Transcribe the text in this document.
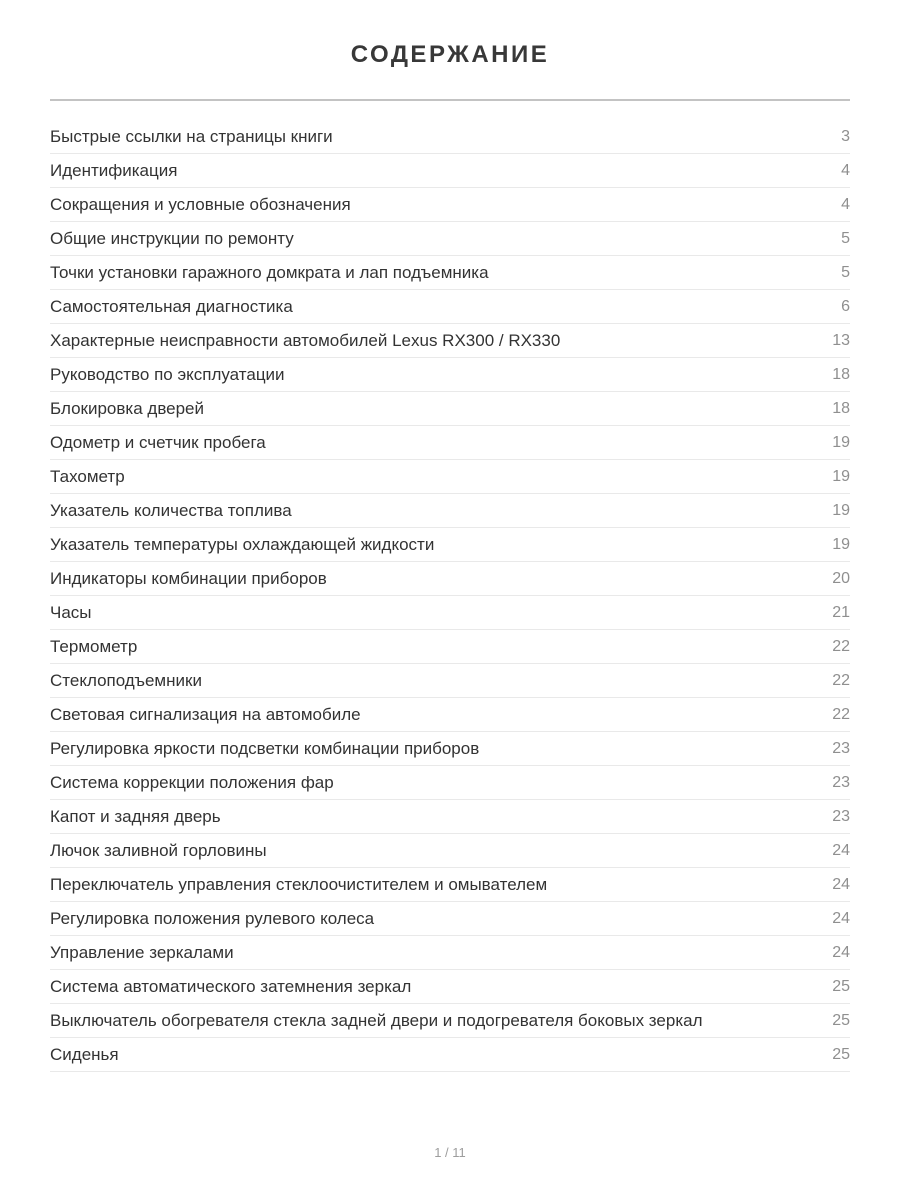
СОДЕРЖАНИЕ
Быстрые ссылки на страницы книги	3
Идентификация	4
Сокращения и условные обозначения	4
Общие инструкции по ремонту	5
Точки установки гаражного домкрата и лап подъемника	5
Самостоятельная диагностика	6
Характерные неисправности автомобилей Lexus RX300 / RX330	13
Руководство по эксплуатации	18
Блокировка дверей	18
Одометр и счетчик пробега	19
Тахометр	19
Указатель количества топлива	19
Указатель температуры охлаждающей жидкости	19
Индикаторы комбинации приборов	20
Часы	21
Термометр	22
Стеклоподъемники	22
Световая сигнализация на автомобиле	22
Регулировка яркости подсветки комбинации приборов	23
Система коррекции положения фар	23
Капот и задняя дверь	23
Лючок заливной горловины	24
Переключатель управления стеклоочистителем и омывателем	24
Регулировка положения рулевого колеса	24
Управление зеркалами	24
Система автоматического затемнения зеркал	25
Выключатель обогревателя стекла задней двери и подогревателя боковых зеркал	25
Сиденья	25
1 / 11
